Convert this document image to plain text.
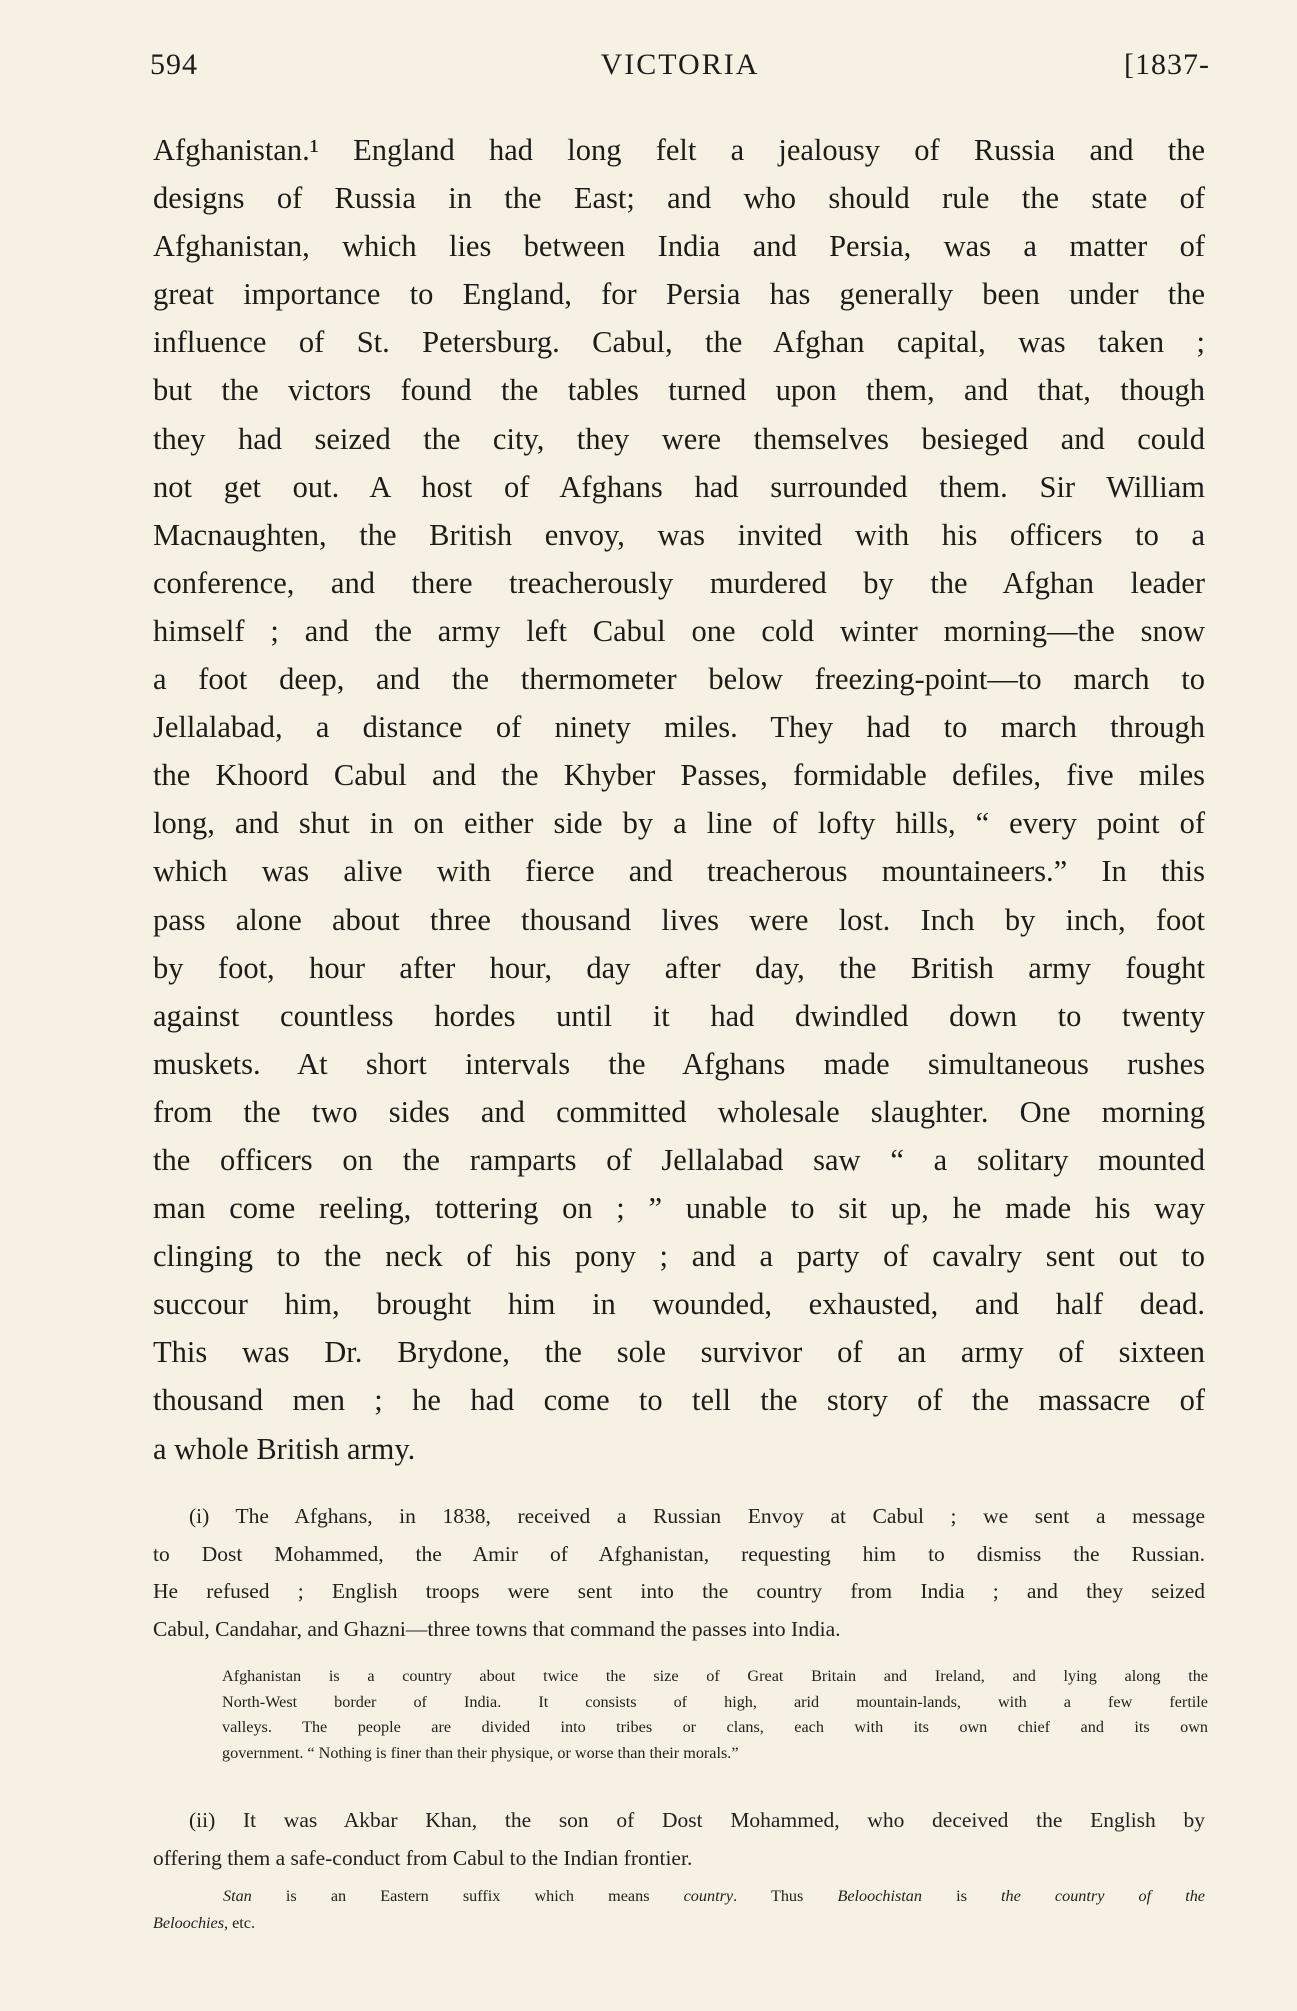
594	VICTORIA	[1837-
Afghanistan.¹ England had long felt a jealousy of Russia and the
designs of Russia in the East; and who should rule the state of
Afghanistan, which lies between India and Persia, was a matter of
great importance to England, for Persia has generally been under the
influence of St. Petersburg. Cabul, the Afghan capital, was taken ;
but the victors found the tables turned upon them, and that, though
they had seized the city, they were themselves besieged and could
not get out. A host of Afghans had surrounded them. Sir William
Macnaughten, the British envoy, was invited with his officers to a
conference, and there treacherously murdered by the Afghan leader
himself ; and the army left Cabul one cold winter morning—the snow
a foot deep, and the thermometer below freezing-point—to march to
Jellalabad, a distance of ninety miles. They had to march through
the Khoord Cabul and the Khyber Passes, formidable defiles, five miles
long, and shut in on either side by a line of lofty hills, “ every point of
which was alive with fierce and treacherous mountaineers.” In this
pass alone about three thousand lives were lost. Inch by inch, foot
by foot, hour after hour, day after day, the British army fought
against countless hordes until it had dwindled down to twenty
muskets. At short intervals the Afghans made simultaneous rushes
from the two sides and committed wholesale slaughter. One morning
the officers on the ramparts of Jellalabad saw “ a solitary mounted
man come reeling, tottering on ; ” unable to sit up, he made his way
clinging to the neck of his pony ; and a party of cavalry sent out to
succour him, brought him in wounded, exhausted, and half dead.
This was Dr. Brydone, the sole survivor of an army of sixteen
thousand men ; he had come to tell the story of the massacre of
a whole British army.
(i) The Afghans, in 1838, received a Russian Envoy at Cabul ; we sent a message
to Dost Mohammed, the Amir of Afghanistan, requesting him to dismiss the Russian.
He refused ; English troops were sent into the country from India ; and they seized
Cabul, Candahar, and Ghazni—three towns that command the passes into India.
Afghanistan is a country about twice the size of Great Britain and Ireland, and lying along the
North-West border of India. It consists of high, arid mountain-lands, with a few fertile
valleys. The people are divided into tribes or clans, each with its own chief and its own
government. “ Nothing is finer than their physique, or worse than their morals.”
(ii) It was Akbar Khan, the son of Dost Mohammed, who deceived the English by
offering them a safe-conduct from Cabul to the Indian frontier.
Stan is an Eastern suffix which means country. Thus Beloochistan is the country of the
Beloochies, etc.
